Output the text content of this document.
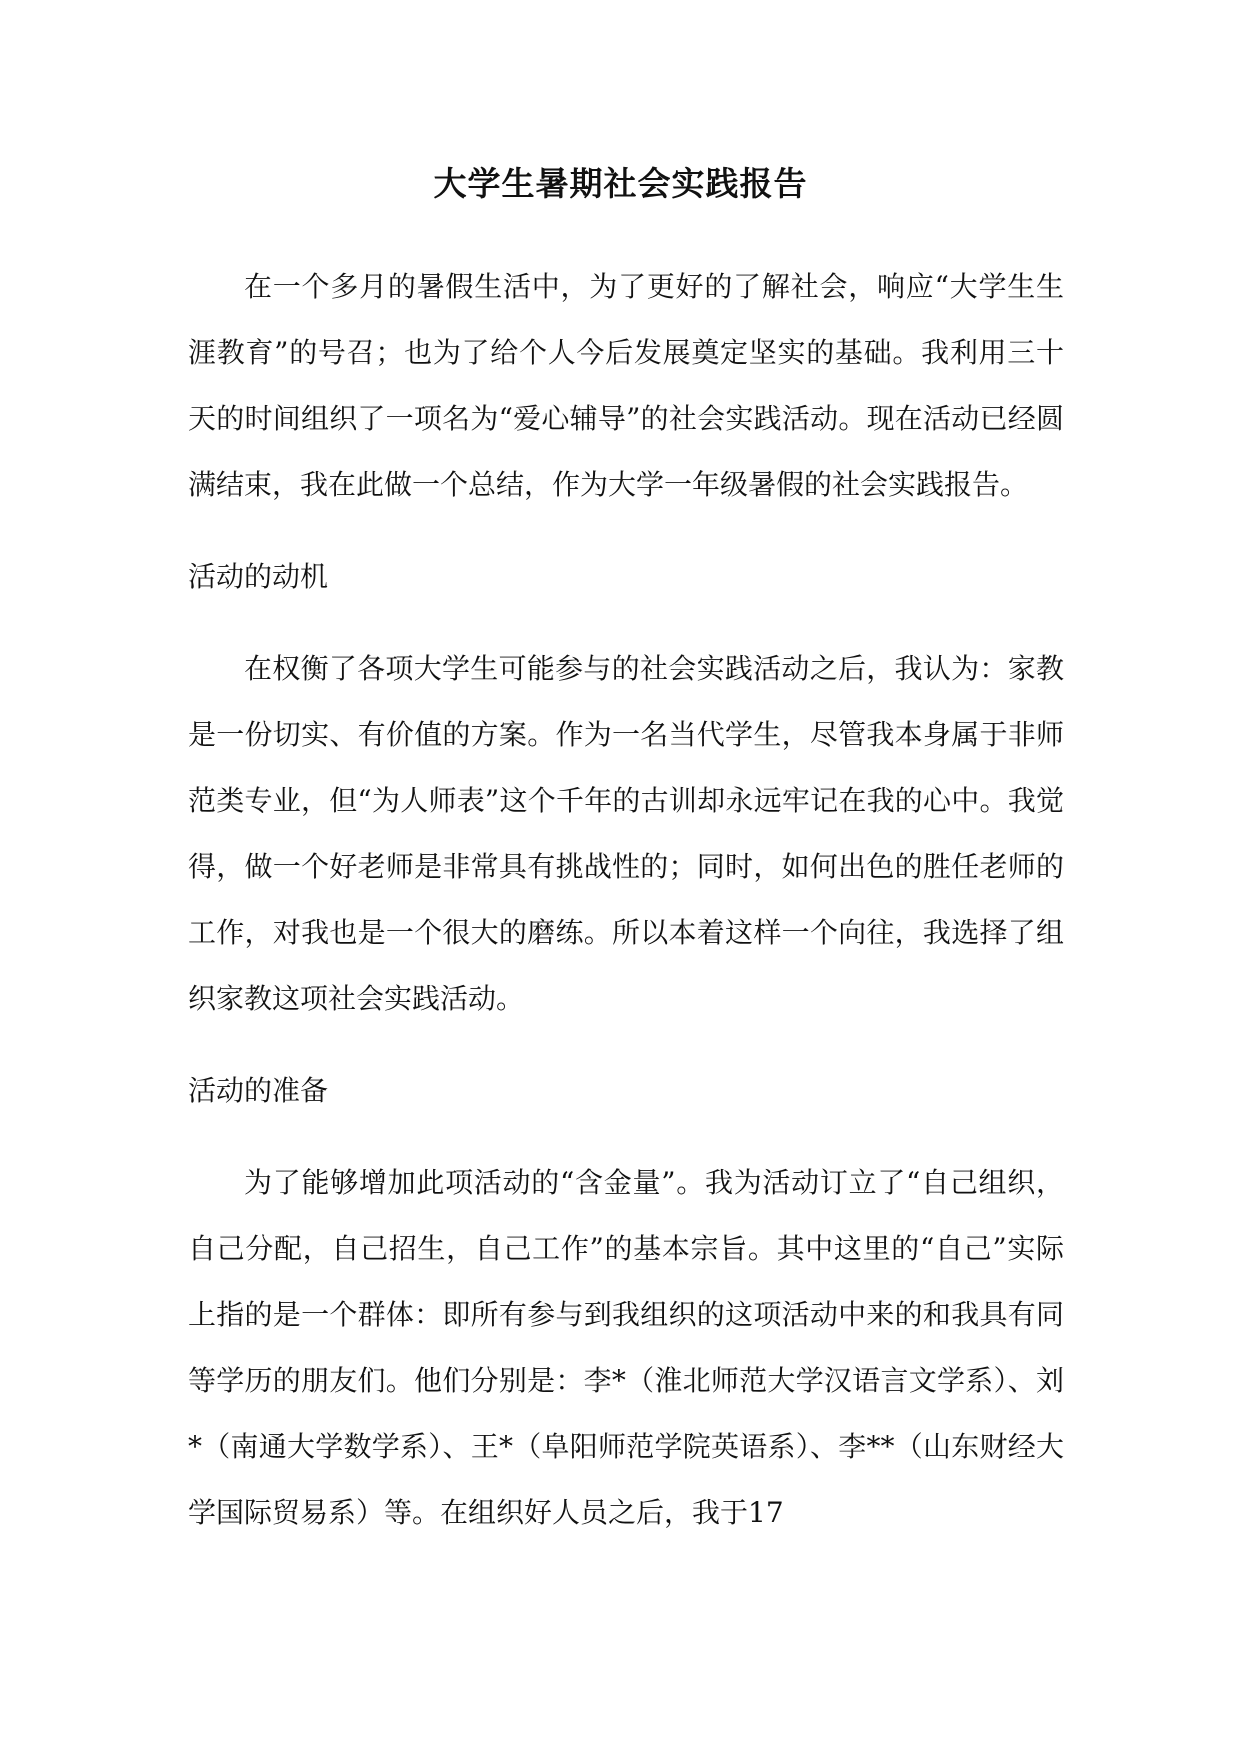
大学生暑期社会实践报告

在一个多月的暑假生活中，为了更好的了解社会，响应“大学生生涯教育”的号召；也为了给个人今后发展奠定坚实的基础。我利用三十天的时间组织了一项名为“爱心辅导”的社会实践活动。现在活动已经圆满结束，我在此做一个总结，作为大学一年级暑假的社会实践报告。

活动的动机

在权衡了各项大学生可能参与的社会实践活动之后，我认为：家教是一份切实、有价值的方案。作为一名当代学生，尽管我本身属于非师范类专业，但“为人师表”这个千年的古训却永远牢记在我的心中。我觉得，做一个好老师是非常具有挑战性的；同时，如何出色的胜任老师的工作，对我也是一个很大的磨练。所以本着这样一个向往，我选择了组织家教这项社会实践活动。

活动的准备

为了能够增加此项活动的“含金量”。我为活动订立了“自己组织，自己分配，自己招生，自己工作”的基本宗旨。其中这里的“自己”实际上指的是一个群体：即所有参与到我组织的这项活动中来的和我具有同等学历的朋友们。他们分别是：李*（淮北师范大学汉语言文学系）、刘*（南通大学数学系）、王*（阜阳师范学院英语系）、李**（山东财经大学国际贸易系）等。在组织好人员之后，我于17
